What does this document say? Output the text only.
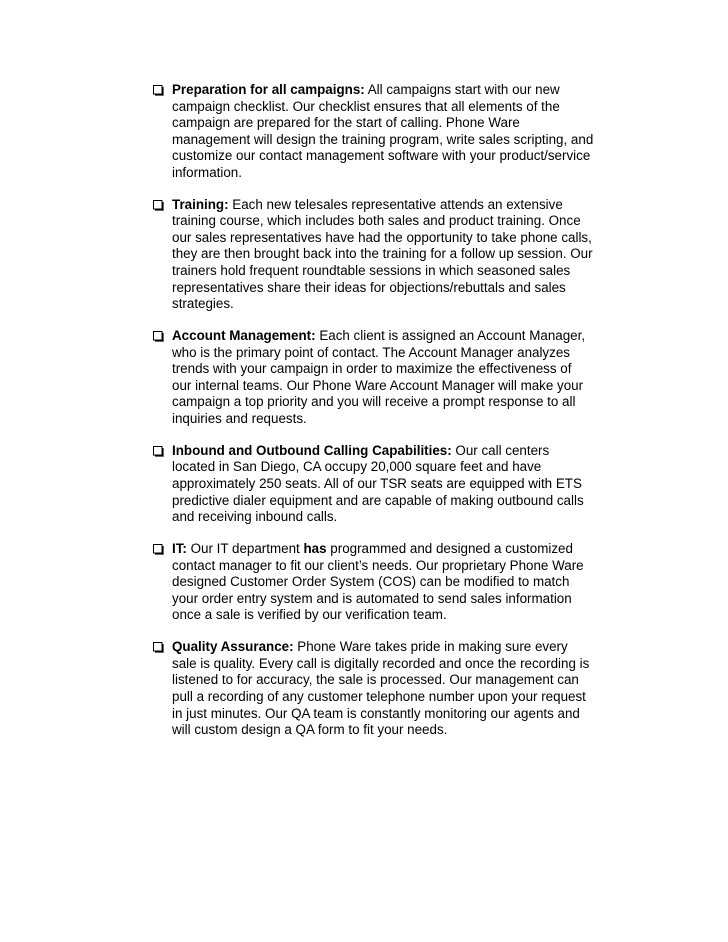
Preparation for all campaigns: All campaigns start with our new
campaign checklist. Our checklist ensures that all elements of the
campaign are prepared for the start of calling. Phone Ware
management will design the training program, write sales scripting, and
customize our contact management software with your product/service
information.
Training: Each new telesales representative attends an extensive
training course, which includes both sales and product training. Once
our sales representatives have had the opportunity to take phone calls,
they are then brought back into the training for a follow up session. Our
trainers hold frequent roundtable sessions in which seasoned sales
representatives share their ideas for objections/rebuttals and sales
strategies.
Account Management: Each client is assigned an Account Manager,
who is the primary point of contact. The Account Manager analyzes
trends with your campaign in order to maximize the effectiveness of
our internal teams. Our Phone Ware Account Manager will make your
campaign a top priority and you will receive a prompt response to all
inquiries and requests.
Inbound and Outbound Calling Capabilities: Our call centers
located in San Diego, CA occupy 20,000 square feet and have
approximately 250 seats. All of our TSR seats are equipped with ETS
predictive dialer equipment and are capable of making outbound calls
and receiving inbound calls.
IT: Our IT department has programmed and designed a customized
contact manager to fit our client’s needs. Our proprietary Phone Ware
designed Customer Order System (COS) can be modified to match
your order entry system and is automated to send sales information
once a sale is verified by our verification team.
Quality Assurance: Phone Ware takes pride in making sure every
sale is quality. Every call is digitally recorded and once the recording is
listened to for accuracy, the sale is processed. Our management can
pull a recording of any customer telephone number upon your request
in just minutes. Our QA team is constantly monitoring our agents and
will custom design a QA form to fit your needs.
